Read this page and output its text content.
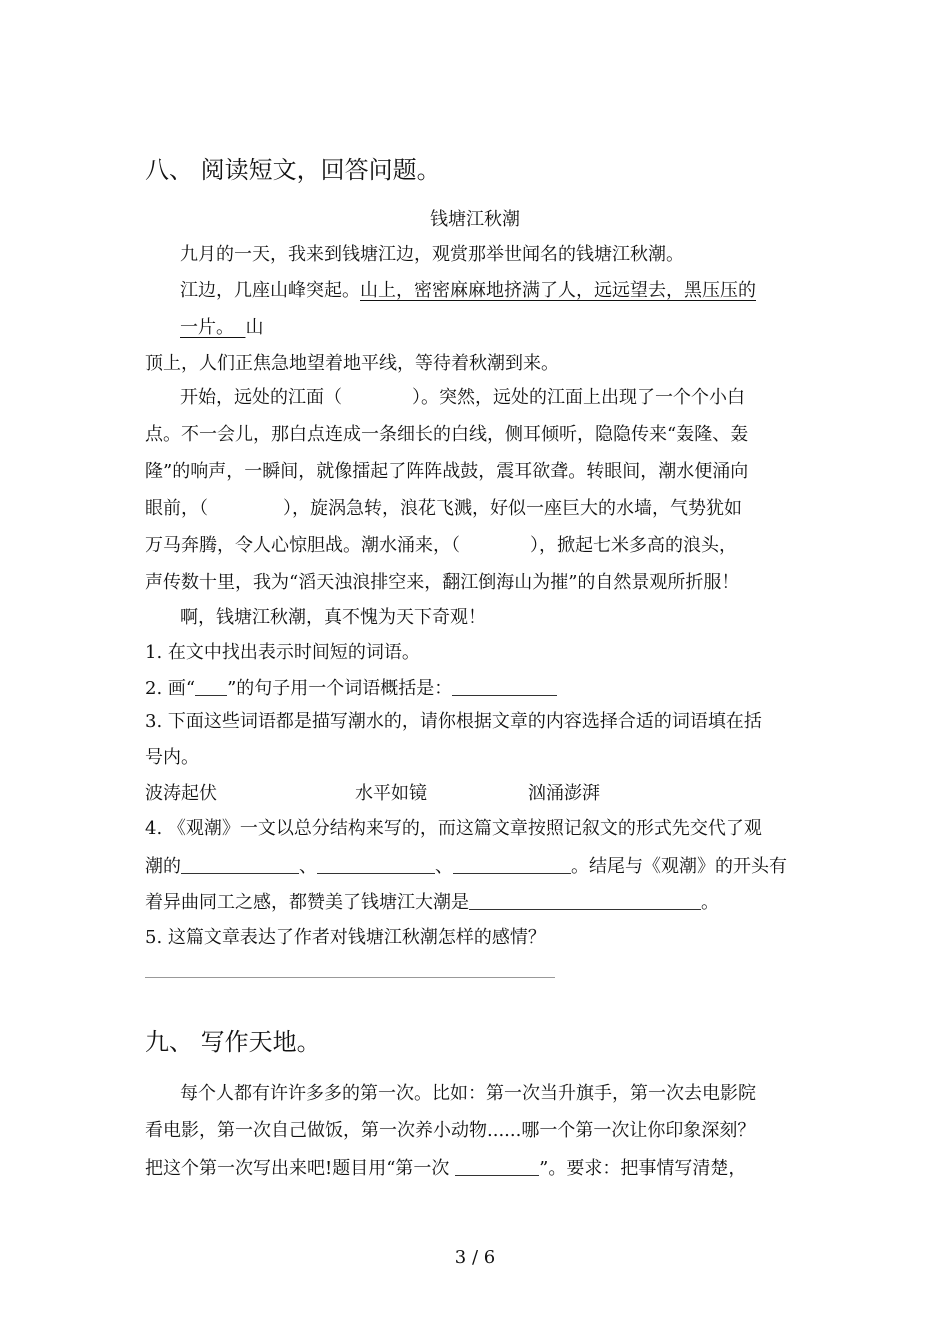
八、 阅读短文，回答问题。
钱塘江秋潮
九月的一天，我来到钱塘江边，观赏那举世闻名的钱塘江秋潮。
江边，几座山峰突起。山上，密密麻麻地挤满了人，远远望去，黑压压的
一片。 山
顶上，人们正焦急地望着地平线，等待着秋潮到来。
开始，远处的江面（	）。突然，远处的江面上出现了一个个小白
点。不一会儿，那白点连成一条细长的白线，侧耳倾听，隐隐传来“轰隆、轰
隆”的响声，一瞬间，就像擂起了阵阵战鼓，震耳欲聋。转眼间，潮水便涌向
眼前，（	），旋涡急转，浪花飞溅，好似一座巨大的水墙，气势犹如
万马奔腾，令人心惊胆战。潮水涌来，（	），掀起七米多高的浪头，
声传数十里，我为“滔天浊浪排空来，翻江倒海山为摧”的自然景观所折服！
啊，钱塘江秋潮，真不愧为天下奇观！
1. 在文中找出表示时间短的词语。
2. 画“ ”的句子用一个词语概括是：
3. 下面这些词语都是描写潮水的，请你根据文章的内容选择合适的词语填在括
号内。
波涛起伏	水平如镜	汹涌澎湃
4. 《观潮》一文以总分结构来写的，而这篇文章按照记叙文的形式先交代了观
潮的	、	、	。结尾与《观潮》的开头有
着异曲同工之感，都赞美了钱塘江大潮是	。
5. 这篇文章表达了作者对钱塘江秋潮怎样的感情？
九、 写作天地。
每个人都有许许多多的第一次。比如：第一次当升旗手，第一次去电影院
看电影，第一次自己做饭，第一次养小动物......哪一个第一次让你印象深刻？
把这个第一次写出来吧!题目用“第一次	”。要求：把事情写清楚，
3 / 6
